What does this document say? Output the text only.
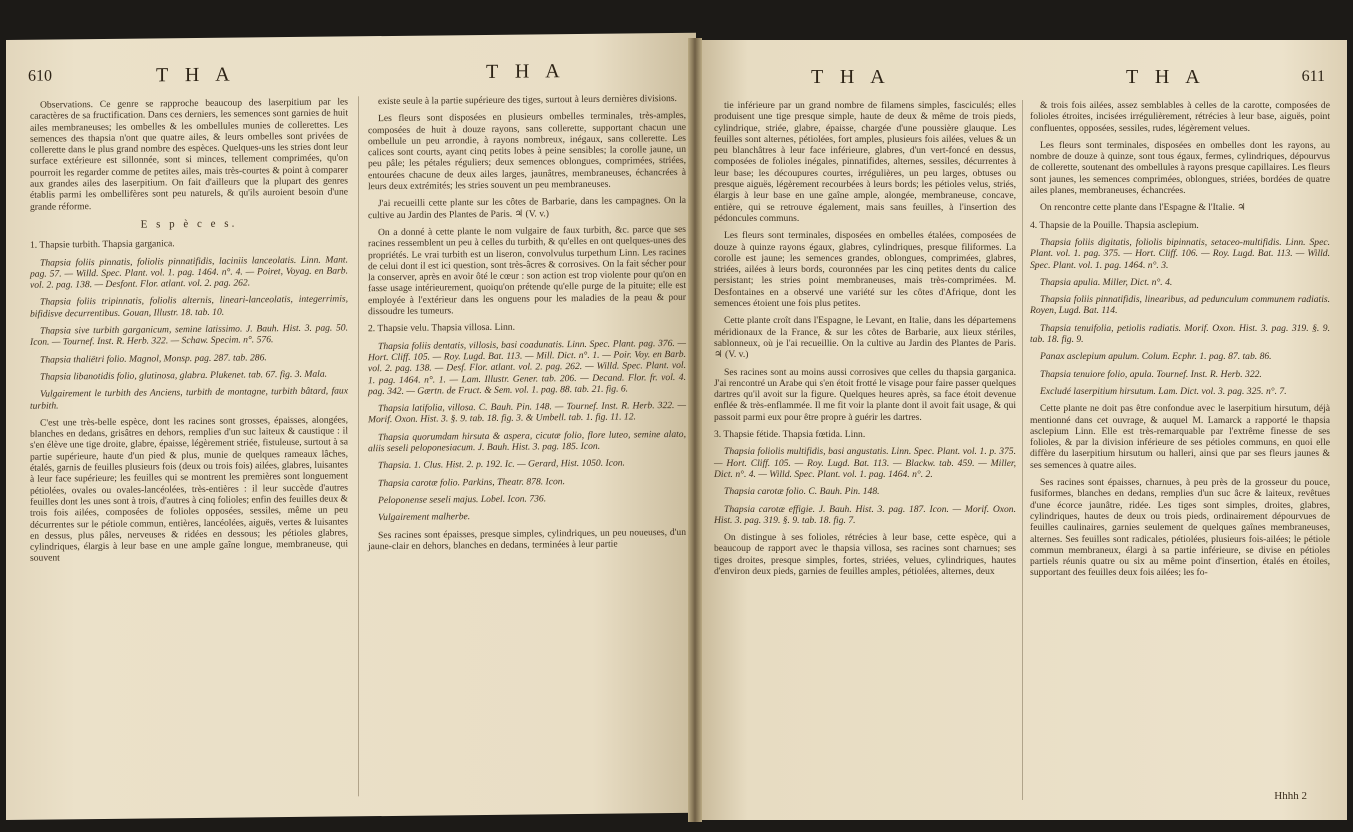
610	T H A	T H A

Observations. Ce genre se rapproche beaucoup des laserpitium par les caractères de sa fructification. Dans ces derniers, les semences sont garnies de huit ailes membraneuses; les ombelles & les ombellules munies de collerettes. Les semences des thapsia n'ont que quatre ailes, & leurs ombelles sont privées de collerette dans le plus grand nombre des espèces. Quelques-uns les stries dont leur surface extérieure est sillonnée, sont si minces, tellement comprimées, qu'on pourroit les regarder comme de petites ailes, mais très-courtes & point à comparer aux grandes ailes des laserpitium. On fait d'ailleurs que la plupart des genres établis parmi les ombellifères sont peu naturels, & qu'ils auroient besoin d'une grande réforme.

E s p è c e s.

1. Thapsie turbith. Thapsia garganica.

Thapsia foliis pinnatis, foliolis pinnatifidis, laciniis lanceolatis. Linn. Mant. pag. 57. — Willd. Spec. Plant. vol. 1. pag. 1464. n°. 4. — Poiret, Voyag. en Barb. vol. 2. pag. 138. — Desfont. Flor. atlant. vol. 2. pag. 262.

Thapsia foliis tripinnatis, foliolis alternis, lineari-lanceolatis, integerrimis, bifidisve decurrentibus. Gouan, Illustr. 18. tab. 10.

Thapsia sive turbith garganicum, semine latissimo. J. Bauh. Hist. 3. pag. 50. Icon. — Tournef. Inst. R. Herb. 322. — Schaw. Specim. n°. 576.

Thapsia thaliëtri folio. Magnol, Monsp. pag. 287. tab. 286.

Thapsia libanotidis folio, glutinosa, glabra. Plukenet. tab. 67. fig. 3. Mala.

Vulgairement le turbith des Anciens, turbith de montagne, turbith bâtard, faux turbith.

C'est une très-belle espèce, dont les racines sont grosses, épaisses, alongées, blanches en dedans, grisâtres en dehors, remplies d'un suc laiteux & caustique : il s'en élève une tige droite, glabre, épaisse, légèrement striée, fistuleuse, surtout à sa partie supérieure, haute d'un pied & plus, munie de quelques rameaux lâches, étalés, garnis de feuilles plusieurs fois (deux ou trois fois) ailées, glabres, luisantes à leur face supérieure; les feuilles qui se montrent les premières sont longuement pétiolées, ovales ou ovales-lancéolées, très-entières : il leur succède d'autres feuilles dont les unes sont à trois, d'autres à cinq folioles; enfin des feuilles deux & trois fois ailées, composées de folioles opposées, sessiles, même un peu décurrentes sur le pétiole commun, entières, lancéolées, aiguës, vertes & luisantes en dessus, plus pâles, nerveuses & ridées en dessous; les pétioles glabres, cylindriques, élargis à leur base en une ample gaîne longue, membraneuse, qui souvent

existe seule à la partie supérieure des tiges, surtout à leurs dernières divisions.

Les fleurs sont disposées en plusieurs ombelles terminales, très-amples, composées de huit à douze rayons, sans collerette, supportant chacun une ombellule un peu arrondie, à rayons nombreux, inégaux, sans collerette. Les calices sont courts, ayant cinq petits lobes à peine sensibles; la corolle jaune, un peu pâle; les pétales réguliers; deux semences oblongues, comprimées, striées, entourées chacune de deux ailes larges, jaunâtres, membraneuses, échancrées à leurs deux extrémités; les stries souvent un peu membraneuses.

J'ai recueilli cette plante sur les côtes de Barbarie, dans les campagnes. On la cultive au Jardin des Plantes de Paris. ♃ (V. v.)

On a donné à cette plante le nom vulgaire de faux turbith, &c. parce que ses racines ressemblent un peu à celles du turbith, & qu'elles en ont quelques-unes des propriétés. Le vrai turbith est un liseron, convolvulus turpethum Linn. Les racines de celui dont il est ici question, sont très-âcres & corrosives. On la fait sécher pour la conserver, après en avoir ôté le cœur : son action est trop violente pour qu'on en fasse usage intérieurement, quoiqu'on prétende qu'elle purge de la pituite; elle est employée à l'extérieur dans les onguens pour les maladies de la peau & pour dissoudre les tumeurs.

2. Thapsie velu. Thapsia villosa. Linn.

Thapsia foliis dentatis, villosis, basi coadunatis. Linn. Spec. Plant. pag. 376. — Hort. Cliff. 105. — Roy. Lugd. Bat. 113. — Mill. Dict. n°. 1. — Poir. Voy. en Barb. vol. 2. pag. 138. — Desf. Flor. atlant. vol. 2. pag. 262. — Willd. Spec. Plant. vol. 1. pag. 1464. n°. 1. — Lam. Illustr. Gener. tab. 206. — Decand. Flor. fr. vol. 4. pag. 342. — Gærtn. de Fruct. & Sem. vol. 1. pag. 88. tab. 21. fig. 6.

Thapsia latifolia, villosa. C. Bauh. Pin. 148. — Tournef. Inst. R. Herb. 322. — Morif. Oxon. Hist. 3. §. 9. tab. 18. fig. 3. & Umbell. tab. 1. fig. 11. 12.

Thapsia quorumdam hirsuta & aspera, cicutæ folio, flore luteo, semine alato, aliis seseli peloponesiacum. J. Bauh. Hist. 3. pag. 185. Icon.

Thapsia. 1. Clus. Hist. 2. p. 192. Ic. — Gerard, Hist. 1050. Icon.

Thapsia carotæ folio. Parkins, Theatr. 878. Icon.

Peloponense seseli majus. Lobel. Icon. 736.

Vulgairement malherbe.

Ses racines sont épaisses, presque simples, cylindriques, un peu noueuses, d'un jaune-clair en dehors, blanches en dedans, terminées à leur partie

T H A	T H A	611

tie inférieure par un grand nombre de filamens simples, fasciculés; elles produisent une tige presque simple, haute de deux & même de trois pieds, cylindrique, striée, glabre, épaisse, chargée d'une poussière glauque. Les feuilles sont alternes, pétiolées, fort amples, plusieurs fois ailées, velues & un peu blanchâtres à leur face inférieure, glabres, d'un vert-foncé en dessus, composées de folioles inégales, pinnatifides, alternes, sessiles, décurrentes à leur base; les découpures courtes, irrégulières, un peu larges, obtuses ou presque aiguës, légèrement recourbées à leurs bords; les pétioles velus, striés, élargis à leur base en une gaîne ample, alongée, membraneuse, concave, entière, qui se retrouve également, mais sans feuilles, à l'insertion des pédoncules communs.

Les fleurs sont terminales, disposées en ombelles étalées, composées de douze à quinze rayons égaux, glabres, cylindriques, presque filiformes. La corolle est jaune; les semences grandes, oblongues, comprimées, glabres, striées, ailées à leurs bords, couronnées par les cinq petites dents du calice persistant; les stries point membraneuses, mais très-comprimées. M. Desfontaines en a observé une variété sur les côtes d'Afrique, dont les semences étoient une fois plus petites.

Cette plante croît dans l'Espagne, le Levant, en Italie, dans les départemens méridionaux de la France, & sur les côtes de Barbarie, aux lieux stériles, sablonneux, où je l'ai recueillie. On la cultive au Jardin des Plantes de Paris. ♃ (V. v.)

Ses racines sont au moins aussi corrosives que celles du thapsia garganica. J'ai rencontré un Arabe qui s'en étoit frotté le visage pour faire passer quelques dartres qu'il avoit sur la figure. Quelques heures après, sa face étoit devenue enflée & très-enflammée. Il me fit voir la plante dont il avoit fait usage, & qui passoit parmi eux pour être propre à guérir les dartres.

3. Thapsie fétide. Thapsia fœtida. Linn.

Thapsia foliolis multifidis, basi angustatis. Linn. Spec. Plant. vol. 1. p. 375. — Hort. Cliff. 105. — Roy. Lugd. Bat. 113. — Blackw. tab. 459. — Miller, Dict. n°. 4. — Willd. Spec. Plant. vol. 1. pag. 1464. n°. 2.

Thapsia carotæ folio. C. Bauh. Pin. 148.

Thapsia carotæ effigie. J. Bauh. Hist. 3. pag. 187. Icon. — Morif. Oxon. Hist. 3. pag. 319. §. 9. tab. 18. fig. 7.

On distingue à ses folioles, rétrécies à leur base, cette espèce, qui a beaucoup de rapport avec le thapsia villosa, ses racines sont charnues; ses tiges droites, presque simples, fortes, striées, velues, cylindriques, hautes d'environ deux pieds, garnies de feuilles amples, pétiolées, alternes, deux

& trois fois ailées, assez semblables à celles de la carotte, composées de folioles étroites, incisées irrégulièrement, rétrécies à leur base, aiguës, point confluentes, opposées, sessiles, rudes, légèrement velues.

Les fleurs sont terminales, disposées en ombelles dont les rayons, au nombre de douze à quinze, sont tous égaux, fermes, cylindriques, dépourvus de collerette, soutenant des ombellules à rayons presque capillaires. Les fleurs sont jaunes, les semences comprimées, oblongues, striées, bordées de quatre ailes planes, membraneuses, échancrées.

On rencontre cette plante dans l'Espagne & l'Italie. ♃

4. Thapsie de la Pouille. Thapsia asclepium.

Thapsia foliis digitatis, foliolis bipinnatis, setaceo-multifidis. Linn. Spec. Plant. vol. 1. pag. 375. — Hort. Cliff. 106. — Roy. Lugd. Bat. 113. — Willd. Spec. Plant. vol. 1. pag. 1464. n°. 3.

Thapsia apulia. Miller, Dict. n°. 4.

Thapsia foliis pinnatifidis, linearibus, ad pedunculum communem radiatis. Royen, Lugd. Bat. 114.

Thapsia tenuifolia, petiolis radiatis. Morif. Oxon. Hist. 3. pag. 319. §. 9. tab. 18. fig. 9.

Panax asclepium apulum. Colum. Ecphr. 1. pag. 87. tab. 86.

Thapsia tenuiore folio, apula. Tournef. Inst. R. Herb. 322.

Excludé laserpitium hirsutum. Lam. Dict. vol. 3. pag. 325. n°. 7.

Cette plante ne doit pas être confondue avec le laserpitium hirsutum, déjà mentionné dans cet ouvrage, & auquel M. Lamarck a rapporté le thapsia asclepium Linn. Elle est très-remarquable par l'extrême finesse de ses folioles, & par la division inférieure de ses pétioles communs, en quoi elle diffère du laserpitium hirsutum ou halleri, ainsi que par ses fleurs jaunes & ses semences à quatre ailes.

Ses racines sont épaisses, charnues, à peu près de la grosseur du pouce, fusiformes, blanches en dedans, remplies d'un suc âcre & laiteux, revêtues d'une écorce jaunâtre, ridée. Les tiges sont simples, droites, glabres, cylindriques, hautes de deux ou trois pieds, ordinairement dépourvues de feuilles caulinaires, garnies seulement de quelques gaînes membraneuses, alternes. Ses feuilles sont radicales, pétiolées, plusieurs fois-ailées; le pétiole commun membraneux, élargi à sa partie inférieure, se divise en pétioles partiels réunis quatre ou six au même point d'insertion, étalés en étoiles, supportant des feuilles deux fois ailées; les fo-

Hhhh 2
